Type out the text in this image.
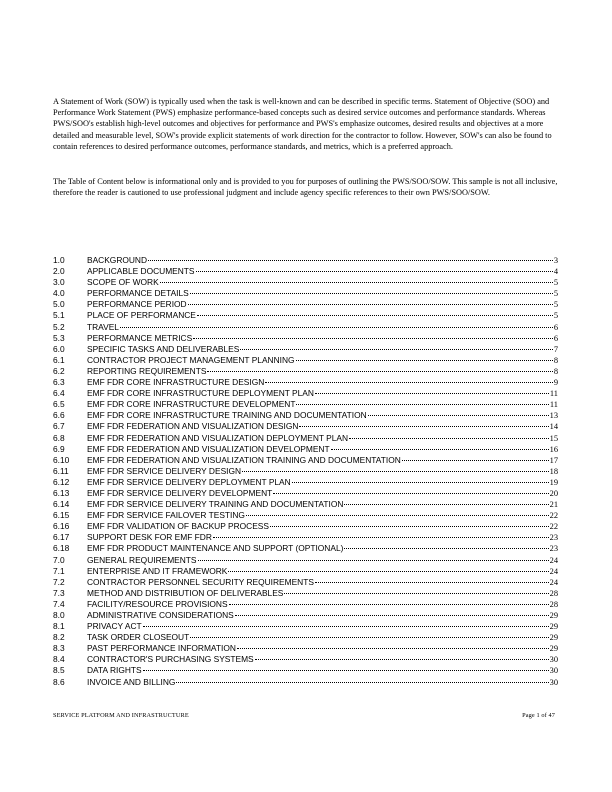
A Statement of Work (SOW) is typically used when the task is well-known and can be described in specific terms. Statement of Objective (SOO) and Performance Work Statement (PWS) emphasize performance-based concepts such as desired service outcomes and performance standards. Whereas PWS/SOO's establish high-level outcomes and objectives for performance and PWS's emphasize outcomes, desired results and objectives at a more detailed and measurable level, SOW's provide explicit statements of work direction for the contractor to follow. However, SOW's can also be found to contain references to desired performance outcomes, performance standards, and metrics, which is a preferred approach.

The Table of Content below is informational only and is provided to you for purposes of outlining the PWS/SOO/SOW. This sample is not all inclusive, therefore the reader is cautioned to use professional judgment and include agency specific references to their own PWS/SOO/SOW.

1.0	BACKGROUND	3
2.0	APPLICABLE DOCUMENTS	4
3.0	SCOPE OF WORK	5
4.0	PERFORMANCE DETAILS	5
5.0	PERFORMANCE PERIOD	5
5.1	PLACE OF PERFORMANCE	5
5.2	TRAVEL	6
5.3	PERFORMANCE METRICS	6
6.0	SPECIFIC TASKS AND DELIVERABLES	7
6.1	CONTRACTOR PROJECT MANAGEMENT PLANNING	8
6.2	REPORTING REQUIREMENTS	8
6.3	EMF FDR CORE INFRASTRUCTURE DESIGN	9
6.4	EMF FDR CORE INFRASTRUCTURE DEPLOYMENT PLAN	11
6.5	EMF FDR CORE INFRASTRUCTURE DEVELOPMENT	11
6.6	EMF FDR CORE INFRASTRUCTURE TRAINING AND DOCUMENTATION	13
6.7	EMF FDR FEDERATION AND VISUALIZATION DESIGN	14
6.8	EMF FDR FEDERATION AND VISUALIZATION DEPLOYMENT PLAN	15
6.9	EMF FDR FEDERATION AND VISUALIZATION DEVELOPMENT	16
6.10	EMF FDR FEDERATION AND VISUALIZATION TRAINING AND DOCUMENTATION	17
6.11	EMF FDR SERVICE DELIVERY DESIGN	18
6.12	EMF FDR SERVICE DELIVERY DEPLOYMENT PLAN	19
6.13	EMF FDR SERVICE DELIVERY DEVELOPMENT	20
6.14	EMF FDR SERVICE DELIVERY TRAINING AND DOCUMENTATION	21
6.15	EMF FDR SERVICE FAILOVER TESTING	22
6.16	EMF FDR VALIDATION OF BACKUP PROCESS	22
6.17	SUPPORT DESK FOR EMF FDR	23
6.18	EMF FDR PRODUCT MAINTENANCE AND SUPPORT (OPTIONAL)	23
7.0	GENERAL REQUIREMENTS	24
7.1	ENTERPRISE AND IT FRAMEWORK	24
7.2	CONTRACTOR PERSONNEL SECURITY REQUIREMENTS	24
7.3	METHOD AND DISTRIBUTION OF DELIVERABLES	28
7.4	FACILITY/RESOURCE PROVISIONS	28
8.0	ADMINISTRATIVE CONSIDERATIONS	29
8.1	PRIVACY ACT	29
8.2	TASK ORDER CLOSEOUT	29
8.3	PAST PERFORMANCE INFORMATION	29
8.4	CONTRACTOR'S PURCHASING SYSTEMS	30
8.5	DATA RIGHTS	30
8.6	INVOICE AND BILLING	30
SERVICE PLATFORM AND INFRASTRUCTURE	Page 1 of 47
